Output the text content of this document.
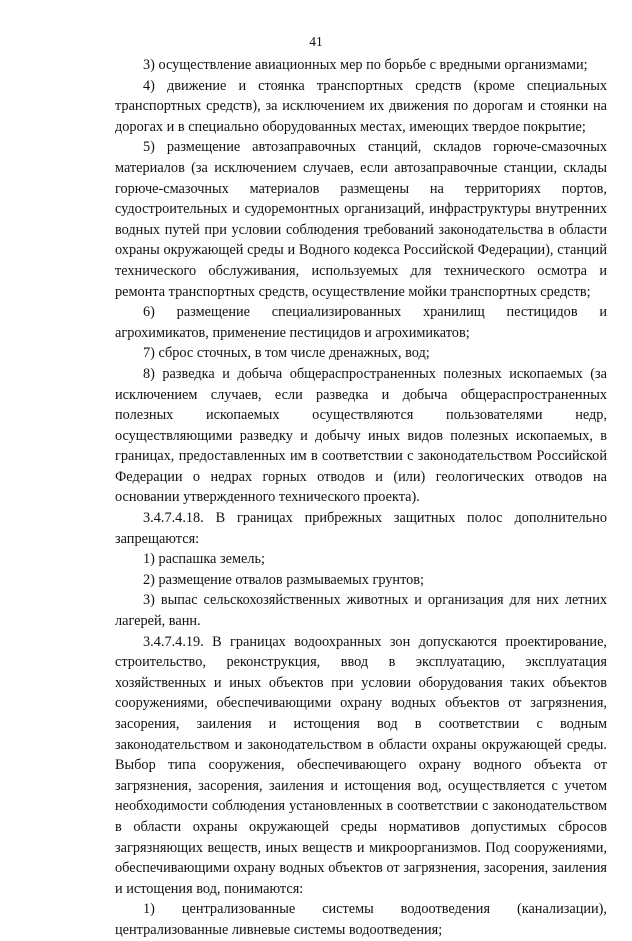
41

3) осуществление авиационных мер по борьбе с вредными организмами;

4) движение и стоянка транспортных средств (кроме специальных транспортных средств), за исключением их движения по дорогам и стоянки на дорогах и в специально оборудованных местах, имеющих твердое покрытие;

5) размещение автозаправочных станций, складов горюче-смазочных материалов (за исключением случаев, если автозаправочные станции, склады горюче-смазочных материалов размещены на территориях портов, судостроительных и судоремонтных организаций, инфраструктуры внутренних водных путей при условии соблюдения требований законодательства в области охраны окружающей среды и Водного кодекса Российской Федерации), станций технического обслуживания, используемых для технического осмотра и ремонта транспортных средств, осуществление мойки транспортных средств;

6) размещение специализированных хранилищ пестицидов и агрохимикатов, применение пестицидов и агрохимикатов;

7) сброс сточных, в том числе дренажных, вод;

8) разведка и добыча общераспространенных полезных ископаемых (за исключением случаев, если разведка и добыча общераспространенных полезных ископаемых осуществляются пользователями недр, осуществляющими разведку и добычу иных видов полезных ископаемых, в границах, предоставленных им в соответствии с законодательством Российской Федерации о недрах горных отводов и (или) геологических отводов на основании утвержденного технического проекта).

3.4.7.4.18. В границах прибрежных защитных полос дополнительно запрещаются:

1) распашка земель;

2) размещение отвалов размываемых грунтов;

3) выпас сельскохозяйственных животных и организация для них летних лагерей, ванн.

3.4.7.4.19. В границах водоохранных зон допускаются проектирование, строительство, реконструкция, ввод в эксплуатацию, эксплуатация хозяйственных и иных объектов при условии оборудования таких объектов сооружениями, обеспечивающими охрану водных объектов от загрязнения, засорения, заиления и истощения вод в соответствии с водным законодательством и законодательством в области охраны окружающей среды. Выбор типа сооружения, обеспечивающего охрану водного объекта от загрязнения, засорения, заиления и истощения вод, осуществляется с учетом необходимости соблюдения установленных в соответствии с законодательством в области охраны окружающей среды нормативов допустимых сбросов загрязняющих веществ, иных веществ и микроорганизмов. Под сооружениями, обеспечивающими охрану водных объектов от загрязнения, засорения, заиления и истощения вод, понимаются:

1) централизованные системы водоотведения (канализации), централизованные ливневые системы водоотведения;
